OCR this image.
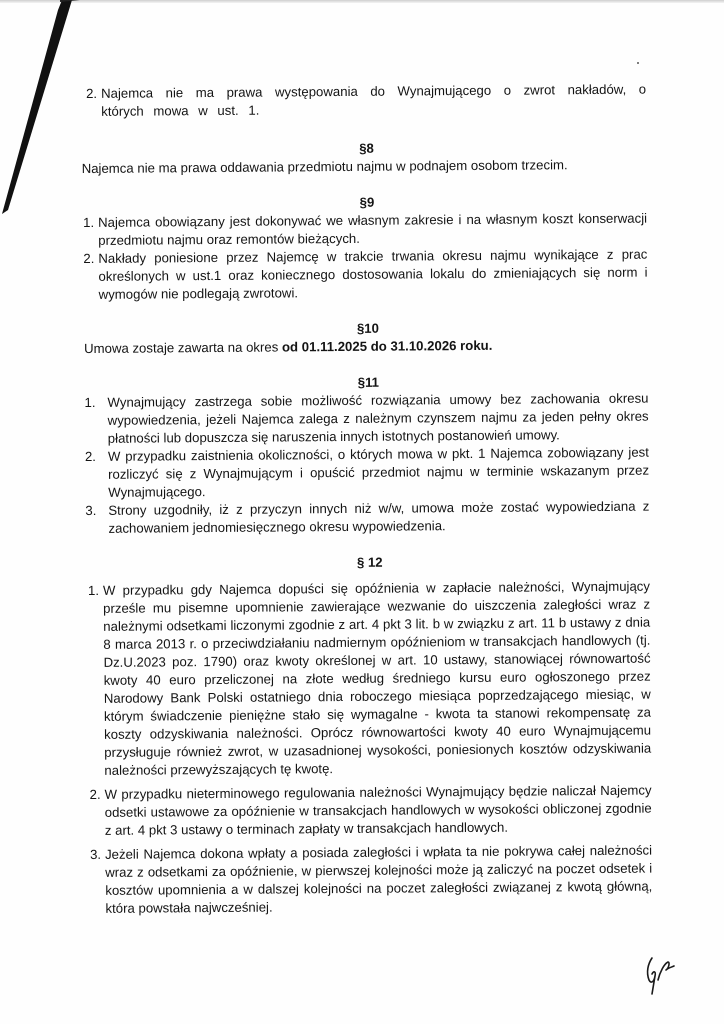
2. Najemca nie ma prawa występowania do Wynajmującego o zwrot nakładów, o których mowa w ust. 1.

§8

Najemca nie ma prawa oddawania przedmiotu najmu w podnajem osobom trzecim.

§9

1. Najemca obowiązany jest dokonywać we własnym zakresie i na własnym koszt konserwacji przedmiotu najmu oraz remontów bieżących.
2. Nakłady poniesione przez Najemcę w trakcie trwania okresu najmu wynikające z prac określonych w ust.1 oraz koniecznego dostosowania lokalu do zmieniających się norm i wymogów nie podlegają zwrotowi.

§10

Umowa zostaje zawarta na okres od 01.11.2025 do 31.10.2026 roku.

§11

1. Wynajmujący zastrzega sobie możliwość rozwiązania umowy bez zachowania okresu wypowiedzenia, jeżeli Najemca zalega z należnym czynszem najmu za jeden pełny okres płatności lub dopuszcza się naruszenia innych istotnych postanowień umowy.
2. W przypadku zaistnienia okoliczności, o których mowa w pkt. 1 Najemca zobowiązany jest rozliczyć się z Wynajmującym i opuścić przedmiot najmu w terminie wskazanym przez Wynajmującego.
3. Strony uzgodniły, iż z przyczyn innych niż w/w, umowa może zostać wypowiedziana z zachowaniem jednomiesięcznego okresu wypowiedzenia.

§ 12

1. W przypadku gdy Najemca dopuści się opóźnienia w zapłacie należności, Wynajmujący prześle mu pisemne upomnienie zawierające wezwanie do uiszczenia zaległości wraz z należnymi odsetkami liczonymi zgodnie z art. 4 pkt 3 lit. b w związku z art. 11 b ustawy z dnia 8 marca 2013 r. o przeciwdziałaniu nadmiernym opóźnieniom w transakcjach handlowych (tj. Dz.U.2023 poz. 1790) oraz kwoty określonej w art. 10 ustawy, stanowiącej równowartość kwoty 40 euro przeliczonej na złote według średniego kursu euro ogłoszonego przez Narodowy Bank Polski ostatniego dnia roboczego miesiąca poprzedzającego miesiąc, w którym świadczenie pieniężne stało się wymagalne - kwota ta stanowi rekompensatę za koszty odzyskiwania należności. Oprócz równowartości kwoty 40 euro Wynajmującemu przysługuje również zwrot, w uzasadnionej wysokości, poniesionych kosztów odzyskiwania należności przewyższających tę kwotę.
2. W przypadku nieterminowego regulowania należności Wynajmujący będzie naliczał Najemcy odsetki ustawowe za opóźnienie w transakcjach handlowych w wysokości obliczonej zgodnie z art. 4 pkt 3 ustawy o terminach zapłaty w transakcjach handlowych.
3. Jeżeli Najemca dokona wpłaty a posiada zaległości i wpłata ta nie pokrywa całej należności wraz z odsetkami za opóźnienie, w pierwszej kolejności może ją zaliczyć na poczet odsetek i kosztów upomnienia a w dalszej kolejności na poczet zaległości związanej z kwotą główną, która powstała najwcześniej.
